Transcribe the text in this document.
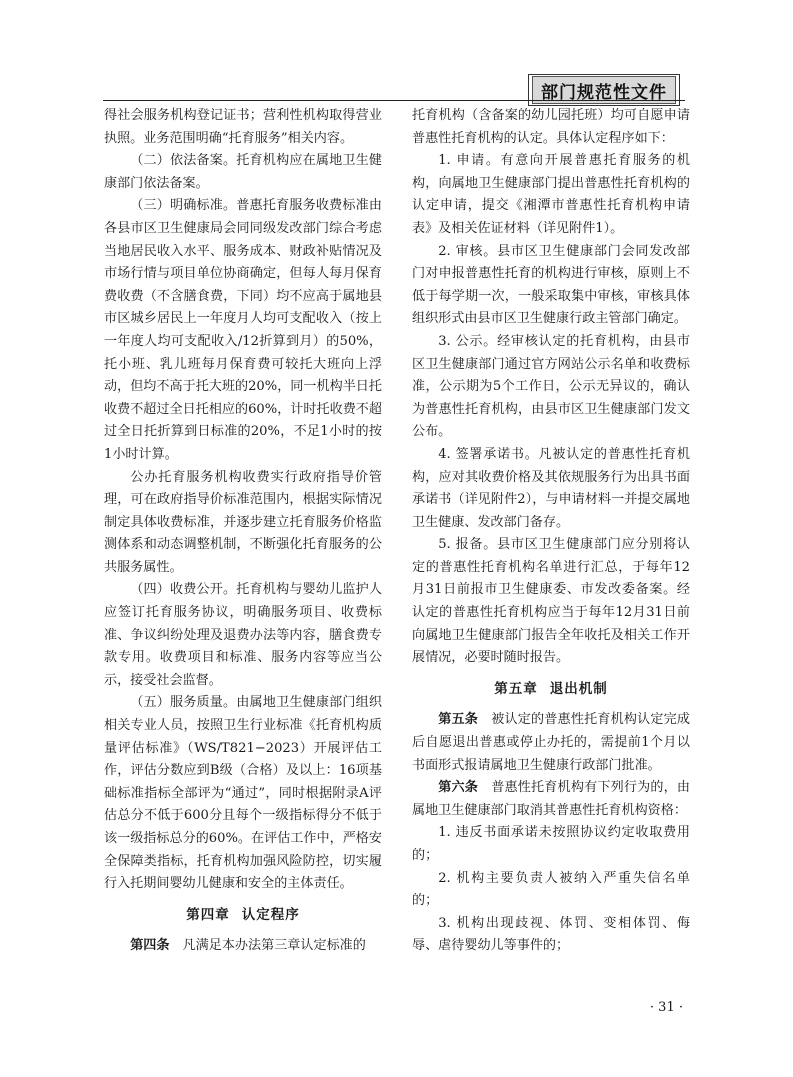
部门规范性文件

得社会服务机构登记证书；营利性机构取得营业执照。业务范围明确“托育服务”相关内容。

（二）依法备案。托育机构应在属地卫生健康部门依法备案。

（三）明确标准。普惠托育服务收费标准由各县市区卫生健康局会同同级发改部门综合考虑当地居民收入水平、服务成本、财政补贴情况及市场行情与项目单位协商确定，但每人每月保育费收费（不含膳食费，下同）均不应高于属地县市区城乡居民上一年度月人均可支配收入（按上一年度人均可支配收入/12折算到月）的50%，托小班、乳儿班每月保育费可较托大班向上浮动，但均不高于托大班的20%，同一机构半日托收费不超过全日托相应的60%，计时托收费不超过全日托折算到日标准的20%，不足1小时的按1小时计算。

公办托育服务机构收费实行政府指导价管理，可在政府指导价标准范围内，根据实际情况制定具体收费标准，并逐步建立托育服务价格监测体系和动态调整机制，不断强化托育服务的公共服务属性。

（四）收费公开。托育机构与婴幼儿监护人应签订托育服务协议，明确服务项目、收费标准、争议纠纷处理及退费办法等内容，膳食费专款专用。收费项目和标准、服务内容等应当公示，接受社会监督。

（五）服务质量。由属地卫生健康部门组织相关专业人员，按照卫生行业标准《托育机构质量评估标准》（WS/T821−2023）开展评估工作，评估分数应到B级（合格）及以上：16项基础标准指标全部评为“通过”，同时根据附录A评估总分不低于600分且每个一级指标得分不低于该一级指标总分的60%。在评估工作中，严格安全保障类指标，托育机构加强风险防控，切实履行入托期间婴幼儿健康和安全的主体责任。

第四章 认定程序

第四条  凡满足本办法第三章认定标准的

托育机构（含备案的幼儿园托班）均可自愿申请普惠性托育机构的认定。具体认定程序如下：

1. 申请。有意向开展普惠托育服务的机构，向属地卫生健康部门提出普惠性托育机构的认定申请，提交《湘潭市普惠性托育机构申请表》及相关佐证材料（详见附件1）。

2. 审核。县市区卫生健康部门会同发改部门对申报普惠性托育的机构进行审核，原则上不低于每学期一次，一般采取集中审核，审核具体组织形式由县市区卫生健康行政主管部门确定。

3. 公示。经审核认定的托育机构，由县市区卫生健康部门通过官方网站公示名单和收费标准，公示期为5个工作日，公示无异议的，确认为普惠性托育机构，由县市区卫生健康部门发文公布。

4. 签署承诺书。凡被认定的普惠性托育机构，应对其收费价格及其依规服务行为出具书面承诺书（详见附件2），与申请材料一并提交属地卫生健康、发改部门备存。

5. 报备。县市区卫生健康部门应分别将认定的普惠性托育机构名单进行汇总，于每年12月31日前报市卫生健康委、市发改委备案。经认定的普惠性托育机构应当于每年12月31日前向属地卫生健康部门报告全年收托及相关工作开展情况，必要时随时报告。

第五章 退出机制

第五条  被认定的普惠性托育机构认定完成后自愿退出普惠或停止办托的，需提前1个月以书面形式报请属地卫生健康行政部门批准。

第六条  普惠性托育机构有下列行为的，由属地卫生健康部门取消其普惠性托育机构资格：

1. 违反书面承诺未按照协议约定收取费用的；

2. 机构主要负责人被纳入严重失信名单的；

3. 机构出现歧视、体罚、变相体罚、侮辱、虐待婴幼儿等事件的；

· 31 ·
